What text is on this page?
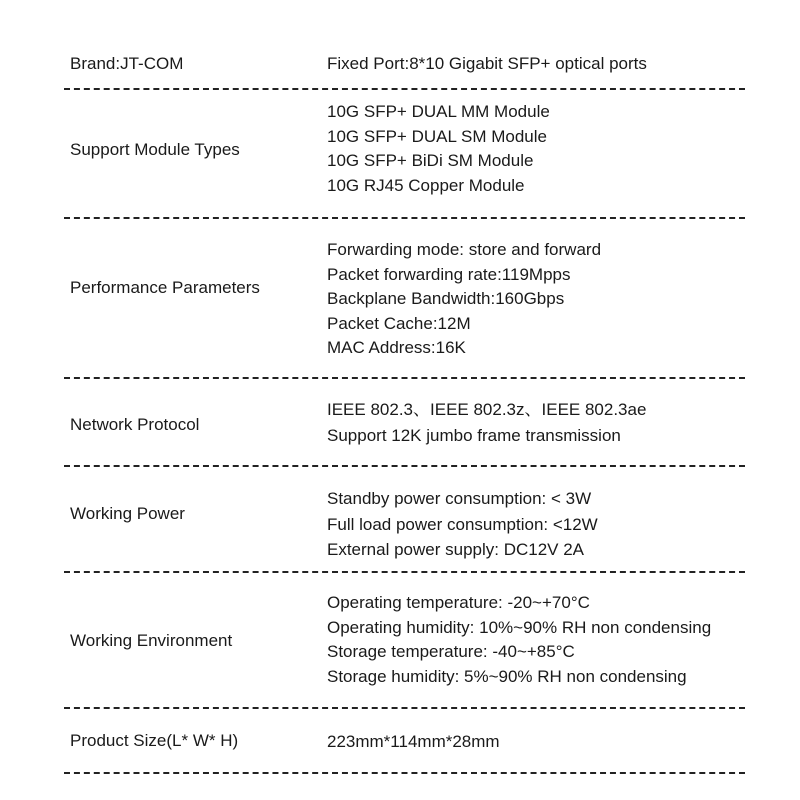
Brand:JT-COM	Fixed Port:8*10 Gigabit SFP+ optical ports
Support Module Types
10G SFP+ DUAL MM Module
10G SFP+ DUAL SM Module
10G SFP+ BiDi SM Module
10G RJ45 Copper Module
Performance Parameters
Forwarding mode: store and forward
Packet forwarding rate:119Mpps
Backplane Bandwidth:160Gbps
Packet Cache:12M
MAC Address:16K
Network Protocol
IEEE 802.3、IEEE 802.3z、IEEE 802.3ae
Support 12K jumbo frame transmission
Working Power
Standby power consumption: < 3W
Full load power consumption: <12W
External power supply: DC12V 2A
Working Environment
Operating temperature: -20~+70°C
Operating humidity: 10%~90% RH non condensing
Storage temperature: -40~+85°C
Storage humidity: 5%~90% RH non condensing
Product Size(L* W* H)	223mm*114mm*28mm
